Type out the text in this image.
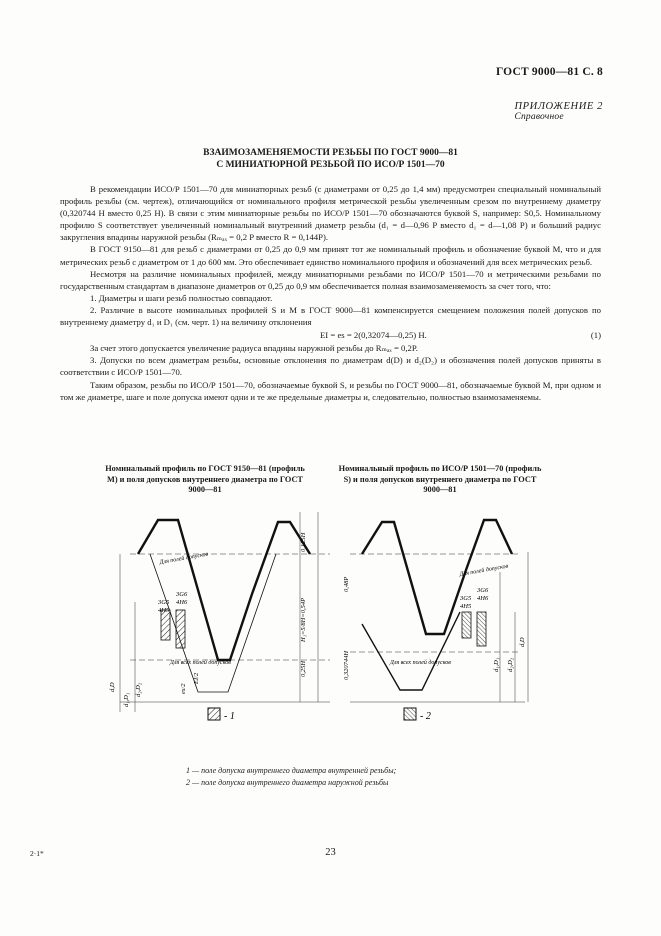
ГОСТ 9000—81 С. 8
ПРИЛОЖЕНИЕ 2
Справочное
ВЗАИМОЗАМЕНЯЕМОСТИ РЕЗЬБЫ ПО ГОСТ 9000—81
С МИНИАТЮРНОЙ РЕЗЬБОЙ ПО ИСО/Р 1501—70

В рекомендации ИСО/Р 1501—70 для миниатюрных резьб (с диаметрами от 0,25 до 1,4 мм) предусмотрен специальный номинальный профиль резьбы (см. чертеж), отличающийся от номинального профиля метрической резьбы увеличенным срезом по внутреннему диаметру (0,320744 H вместо 0,25 H). В связи с этим миниатюрные резьбы по ИСО/Р 1501—70 обозначаются буквой S, например: S0,5. Номинальному профилю S соответствует увеличенный номинальный внутренний диаметр резьбы (d₁ = d—0,96 P вместо d₁ = d—1,08 P) и больший радиус закругления впадины наружной резьбы (Rₘₐₓ = 0,2 P вместо R = 0,144P).

В ГОСТ 9150—81 для резьб с диаметрами от 0,25 до 0,9 мм принят тот же номинальный профиль и обозначение буквой M, что и для метрических резьб с диаметром от 1 до 600 мм. Это обеспечивает единство номинального профиля и обозначений для всех метрических резьб.

Несмотря на различие номинальных профилей, между миниатюрными резьбами по ИСО/Р 1501—70 и метрическими резьбами по государственным стандартам в диапазоне диаметров от 0,25 до 0,9 мм обеспечивается полная взаимозаменяемость за счет того, что:

1. Диаметры и шаги резьб полностью совпадают.

2. Различие в высоте номинальных профилей S и M в ГОСТ 9000—81 компенсируется смещением положения полей допусков по внутреннему диаметру d₁ и D₁ (см. черт. 1) на величину отклонения

EI = es = 2(0,32074—0,25) H.	(1)

За счет этого допускается увеличение радиуса впадины наружной резьбы до Rₘₐₓ = 0,2P.

3. Допуски по всем диаметрам резьбы, основные отклонения по диаметрам d(D) и d₂(D₂) и обозначения полей допусков приняты в соответствии с ИСО/Р 1501—70.

Таким образом, резьбы по ИСО/Р 1501—70, обозначаемые буквой S, и резьбы по ГОСТ 9000—81, обозначаемые буквой M, при одном и том же диаметре, шаге и поле допуска имеют одни и те же предельные диаметры и, следовательно, полностью взаимозаменяемы.

Номинальный профиль по ГОСТ 9150—81 (профиль M) и поля допусков внутреннего диаметра по ГОСТ 9000—81
Номинальный профиль по ИСО/Р 1501—70 (профиль S) и поля допусков внутреннего диаметра по ГОСТ 9000—81
Для полей допусков
3G5
4H5
3G6
4H6
Для всех полей допусков
0,125H
H₁=5/8H=0,54P
0,25H
d,D
d₁,D₁
d₂,D₂
EI/2
es/2
Для полей допусков
3G5
4H5
3G6
4H6
Для всех полей допусков
0,48P
0,320744H
d,D
d₁,D₁ d₂,D₂
- 1	- 2
1 — поле допуска внутреннего диаметра внутренней резьбы;
2 — поле допуска внутреннего диаметра наружной резьбы
2·1*	23
